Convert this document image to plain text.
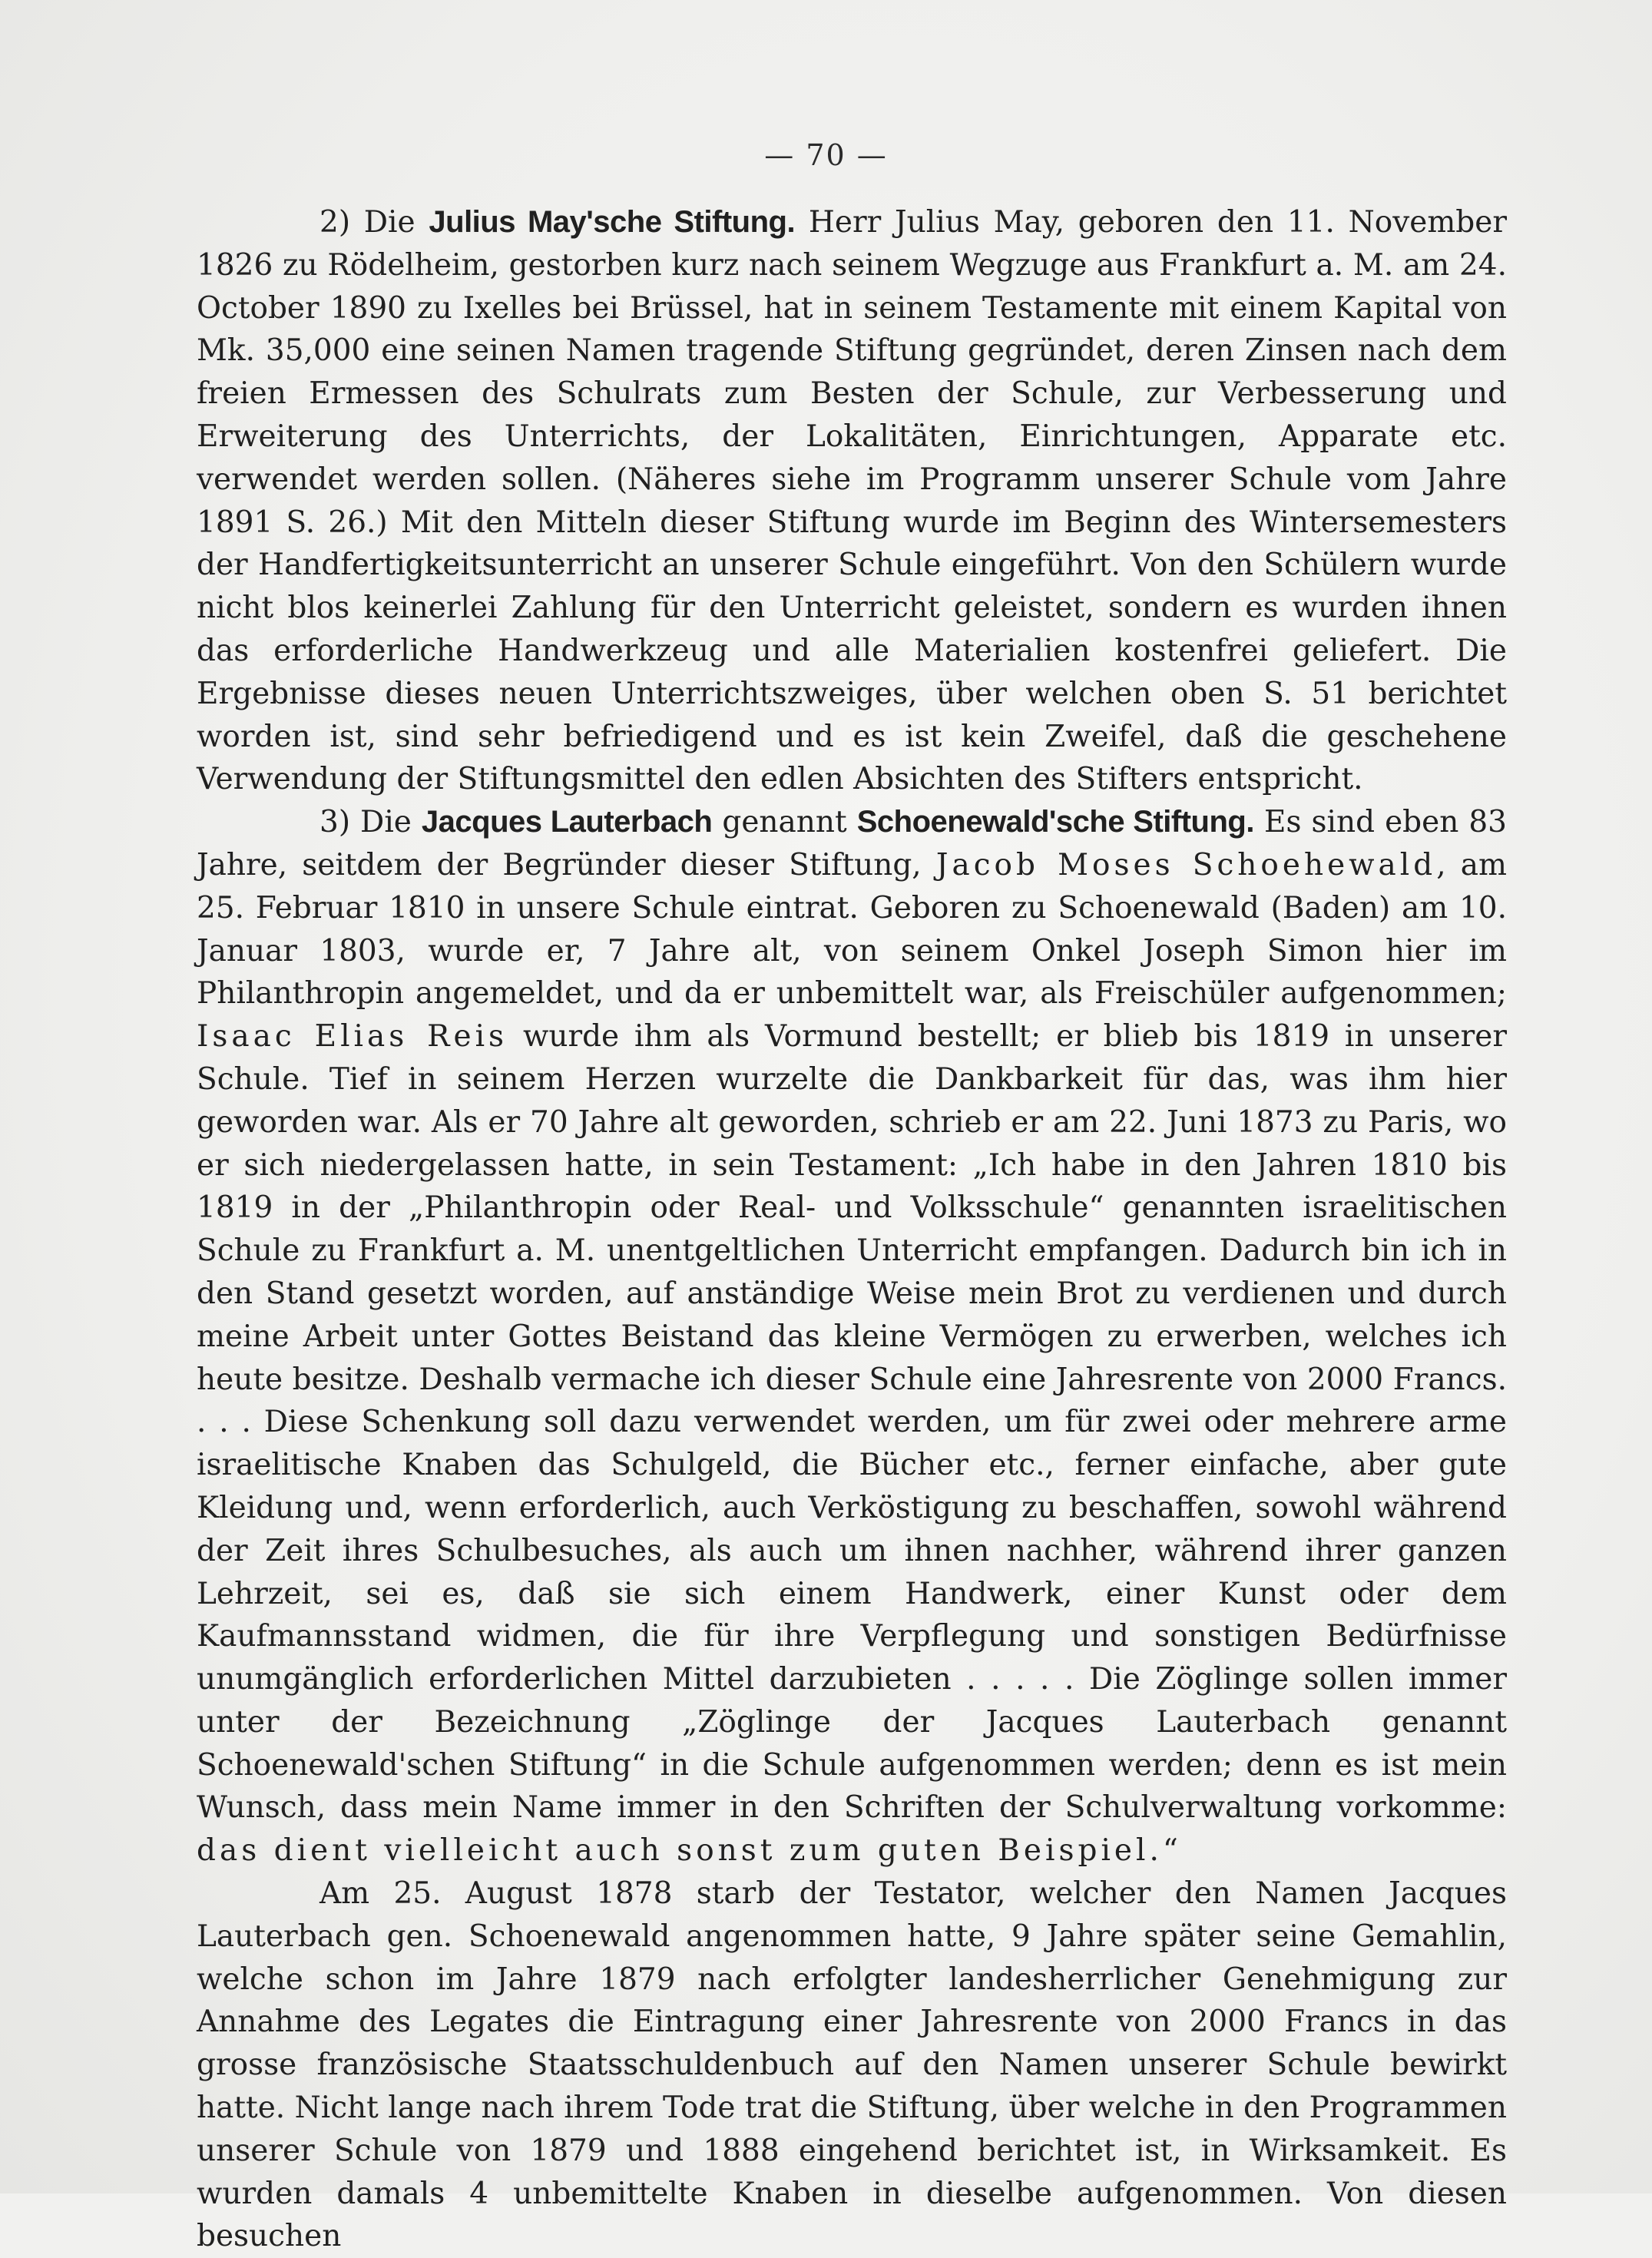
— 70 —

2) Die Julius May'sche Stiftung. Herr Julius May, geboren den 11. November 1826 zu Rödelheim, gestorben kurz nach seinem Wegzuge aus Frankfurt a. M. am 24. October 1890 zu Ixelles bei Brüssel, hat in seinem Testamente mit einem Kapital von Mk. 35,000 eine seinen Namen tragende Stiftung gegründet, deren Zinsen nach dem freien Ermessen des Schulrats zum Besten der Schule, zur Verbesserung und Erweiterung des Unterrichts, der Lokalitäten, Einrichtungen, Apparate etc. verwendet werden sollen. (Näheres siehe im Programm unserer Schule vom Jahre 1891 S. 26.) Mit den Mitteln dieser Stiftung wurde im Beginn des Wintersemesters der Handfertigkeitsunterricht an unserer Schule eingeführt. Von den Schülern wurde nicht blos keinerlei Zahlung für den Unterricht geleistet, sondern es wurden ihnen das erforderliche Handwerkzeug und alle Materialien kostenfrei geliefert. Die Ergebnisse dieses neuen Unterrichtszweiges, über welchen oben S. 51 berichtet worden ist, sind sehr befriedigend und es ist kein Zweifel, daß die geschehene Verwendung der Stiftungsmittel den edlen Absichten des Stifters entspricht.

3) Die Jacques Lauterbach genannt Schoenewald'sche Stiftung. Es sind eben 83 Jahre, seitdem der Begründer dieser Stiftung, Jacob Moses Schoehewald, am 25. Februar 1810 in unsere Schule eintrat. Geboren zu Schoenewald (Baden) am 10. Januar 1803, wurde er, 7 Jahre alt, von seinem Onkel Joseph Simon hier im Philanthropin angemeldet, und da er unbemittelt war, als Freischüler aufgenommen; Isaac Elias Reis wurde ihm als Vormund bestellt; er blieb bis 1819 in unserer Schule. Tief in seinem Herzen wurzelte die Dankbarkeit für das, was ihm hier geworden war. Als er 70 Jahre alt geworden, schrieb er am 22. Juni 1873 zu Paris, wo er sich niedergelassen hatte, in sein Testament: „Ich habe in den Jahren 1810 bis 1819 in der „Philanthropin oder Real- und Volksschule“ genannten israelitischen Schule zu Frankfurt a. M. unentgeltlichen Unterricht empfangen. Dadurch bin ich in den Stand gesetzt worden, auf anständige Weise mein Brot zu verdienen und durch meine Arbeit unter Gottes Beistand das kleine Vermögen zu erwerben, welches ich heute besitze. Deshalb vermache ich dieser Schule eine Jahresrente von 2000 Francs. . . . Diese Schenkung soll dazu verwendet werden, um für zwei oder mehrere arme israelitische Knaben das Schulgeld, die Bücher etc., ferner einfache, aber gute Kleidung und, wenn erforderlich, auch Verköstigung zu beschaffen, sowohl während der Zeit ihres Schulbesuches, als auch um ihnen nachher, während ihrer ganzen Lehrzeit, sei es, daß sie sich einem Handwerk, einer Kunst oder dem Kaufmannsstand widmen, die für ihre Verpflegung und sonstigen Bedürfnisse unumgänglich erforderlichen Mittel darzubieten . . . . . Die Zöglinge sollen immer unter der Bezeichnung „Zöglinge der Jacques Lauterbach genannt Schoenewald'schen Stiftung“ in die Schule aufgenommen werden; denn es ist mein Wunsch, dass mein Name immer in den Schriften der Schulverwaltung vorkomme: das dient vielleicht auch sonst zum guten Beispiel.“

Am 25. August 1878 starb der Testator, welcher den Namen Jacques Lauterbach gen. Schoenewald angenommen hatte, 9 Jahre später seine Gemahlin, welche schon im Jahre 1879 nach erfolgter landesherrlicher Genehmigung zur Annahme des Legates die Eintragung einer Jahresrente von 2000 Francs in das grosse französische Staatsschuldenbuch auf den Namen unserer Schule bewirkt hatte. Nicht lange nach ihrem Tode trat die Stiftung, über welche in den Programmen unserer Schule von 1879 und 1888 eingehend berichtet ist, in Wirksamkeit. Es wurden damals 4 unbemittelte Knaben in dieselbe aufgenommen. Von diesen besuchen
